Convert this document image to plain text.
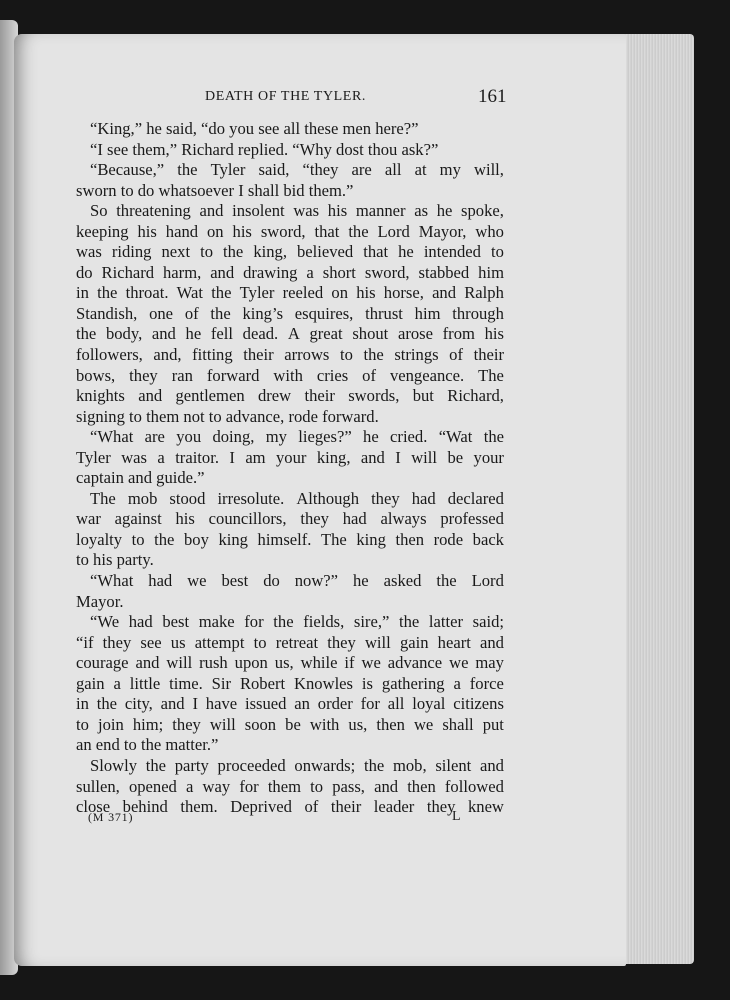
DEATH OF THE TYLER.	161
“King,” he said, “do you see all these men here?”
“I see them,” Richard replied. “Why dost thou ask?”
“Because,” the Tyler said, “they are all at my will,
sworn to do whatsoever I shall bid them.”
So threatening and insolent was his manner as he spoke,
keeping his hand on his sword, that the Lord Mayor, who
was riding next to the king, believed that he intended to
do Richard harm, and drawing a short sword, stabbed him
in the throat. Wat the Tyler reeled on his horse, and Ralph
Standish, one of the king’s esquires, thrust him through
the body, and he fell dead. A great shout arose from his
followers, and, fitting their arrows to the strings of their
bows, they ran forward with cries of vengeance. The
knights and gentlemen drew their swords, but Richard,
signing to them not to advance, rode forward.
“What are you doing, my lieges?” he cried. “Wat the
Tyler was a traitor. I am your king, and I will be your
captain and guide.”
The mob stood irresolute. Although they had declared
war against his councillors, they had always professed
loyalty to the boy king himself. The king then rode back
to his party.
“What had we best do now?” he asked the Lord
Mayor.
“We had best make for the fields, sire,” the latter said;
“if they see us attempt to retreat they will gain heart and
courage and will rush upon us, while if we advance we may
gain a little time. Sir Robert Knowles is gathering a force
in the city, and I have issued an order for all loyal citizens
to join him; they will soon be with us, then we shall put
an end to the matter.”
Slowly the party proceeded onwards; the mob, silent and
sullen, opened a way for them to pass, and then followed
close behind them. Deprived of their leader they knew
(M 371)	L
